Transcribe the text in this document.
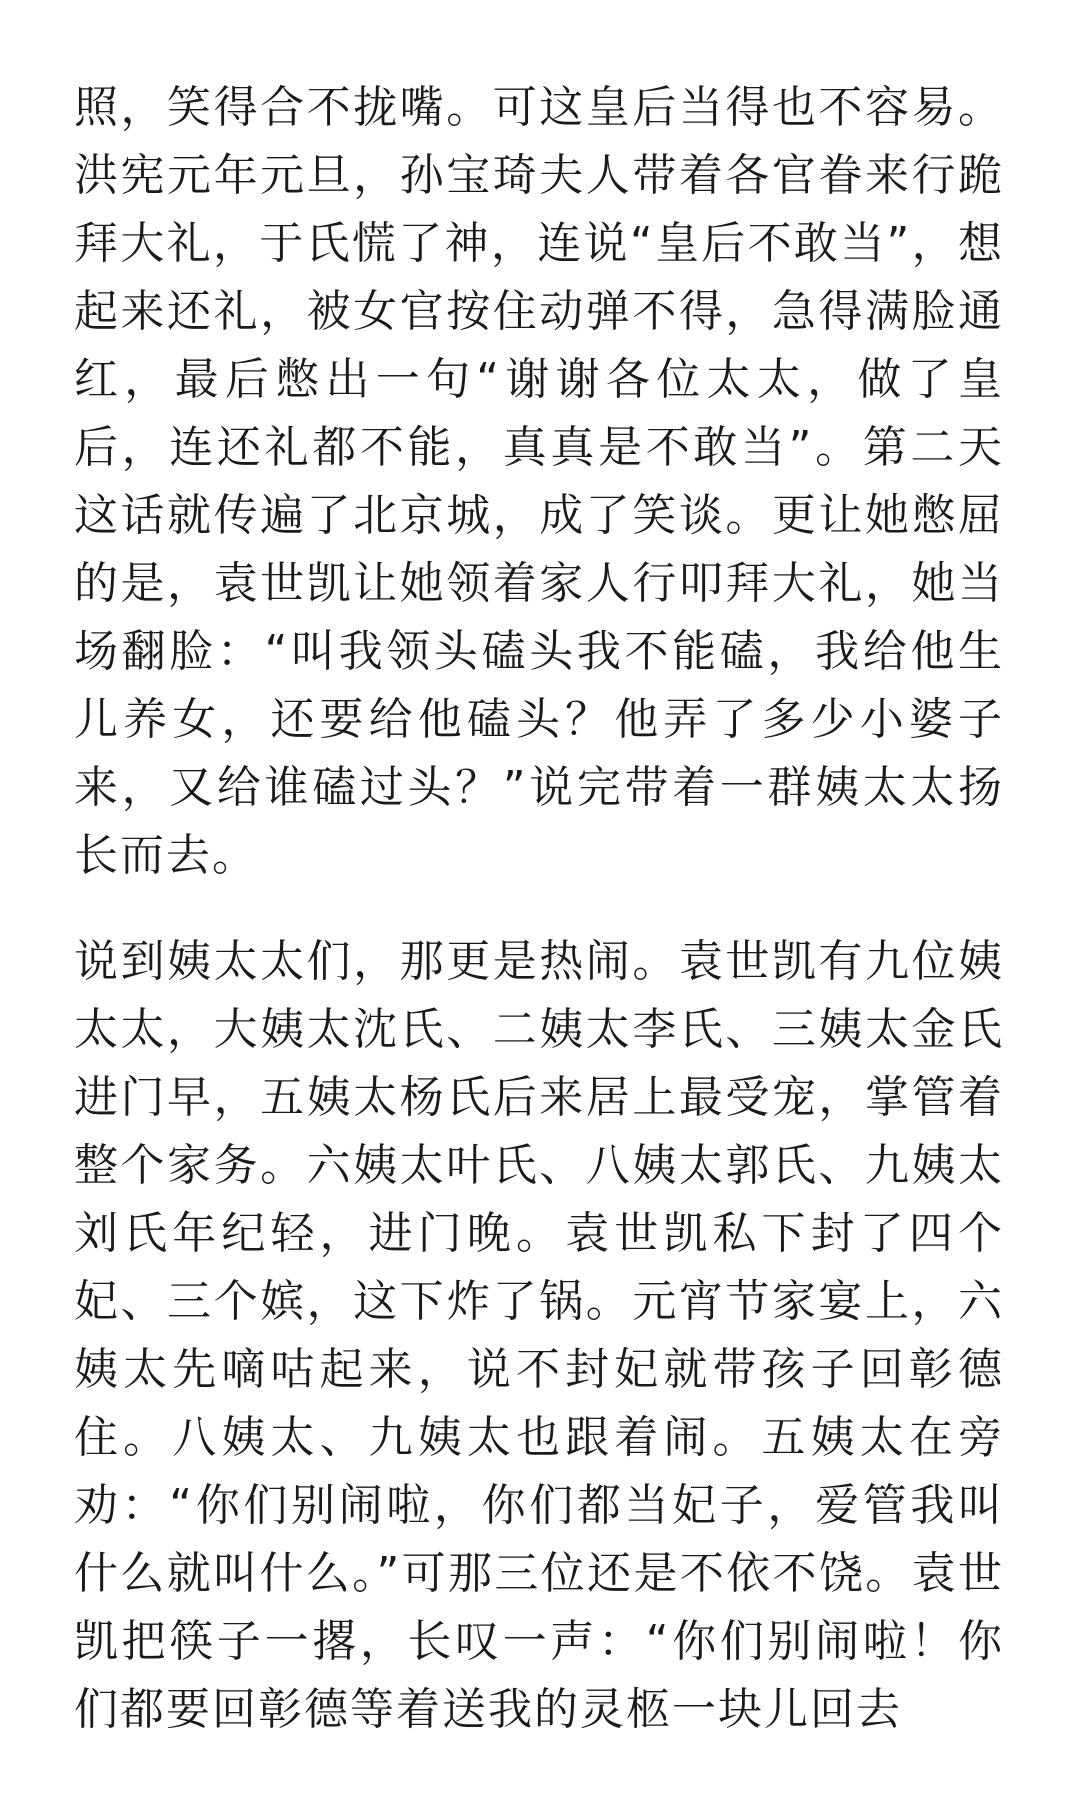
照，笑得合不拢嘴。可这皇后当得也不容易。洪宪元年元旦，孙宝琦夫人带着各官眷来行跪拜大礼，于氏慌了神，连说“皇后不敢当”，想起来还礼，被女官按住动弹不得，急得满脸通红，最后憋出一句“谢谢各位太太，做了皇后，连还礼都不能，真真是不敢当”。第二天这话就传遍了北京城，成了笑谈。更让她憋屈的是，袁世凯让她领着家人行叩拜大礼，她当场翻脸：“叫我领头磕头我不能磕，我给他生儿养女，还要给他磕头？他弄了多少小婆子来，又给谁磕过头？”说完带着一群姨太太扬长而去。

说到姨太太们，那更是热闹。袁世凯有九位姨太太，大姨太沈氏、二姨太李氏、三姨太金氏进门早，五姨太杨氏后来居上最受宠，掌管着整个家务。六姨太叶氏、八姨太郭氏、九姨太刘氏年纪轻，进门晚。袁世凯私下封了四个妃、三个嫔，这下炸了锅。元宵节家宴上，六姨太先嘀咕起来，说不封妃就带孩子回彰德住。八姨太、九姨太也跟着闹。五姨太在旁劝：“你们别闹啦，你们都当妃子，爱管我叫什么就叫什么。”可那三位还是不依不饶。袁世凯把筷子一撂，长叹一声：“你们别闹啦！你们都要回彰德等着送我的灵柩一块儿回去
